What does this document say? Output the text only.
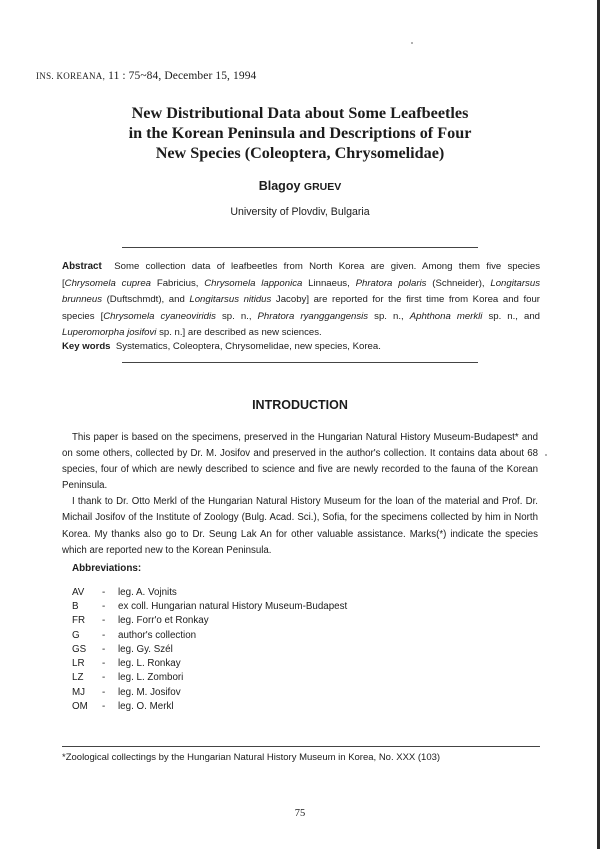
INS. KOREANA, 11 : 75~84, December 15, 1994
New Distributional Data about Some Leafbeetles
in the Korean Peninsula and Descriptions of Four
New Species (Coleoptera, Chrysomelidae)
Blagoy GRUEV
University of Plovdiv, Bulgaria
Abstract Some collection data of leafbeetles from North Korea are given. Among them five species [Chrysomela cuprea Fabricius, Chrysomela lapponica Linnaeus, Phratora polaris (Schneider), Longitarsus brunneus (Duftschmdt), and Longitarsus nitidus Jacoby] are reported for the first time from Korea and four species [Chrysomela cyaneoviridis sp. n., Phratora ryanggangensis sp. n., Aphthona merkli sp. n., and Luperomorpha josifovi sp. n.] are described as new sciences.
Key words Systematics, Coleoptera, Chrysomelidae, new species, Korea.
INTRODUCTION

This paper is based on the specimens, preserved in the Hungarian Natural History Museum-Budapest* and on some others, collected by Dr. M. Josifov and preserved in the author's collection. It contains data about 68 species, four of which are newly described to science and five are newly recorded to the fauna of the Korean Peninsula.

I thank to Dr. Otto Merkl of the Hungarian Natural History Museum for the loan of the material and Prof. Dr. Michail Josifov of the Institute of Zoology (Bulg. Acad. Sci.), Sofia, for the specimens collected by him in North Korea. My thanks also go to Dr. Seung Lak An for other valuable assistance. Marks(*) indicate the species which are reported new to the Korean Peninsula.

Abbreviations:
AV	-	leg. A. Vojnits
B	-	ex coll. Hungarian natural History Museum-Budapest
FR	-	leg. Forr'o et Ronkay
G	-	author's collection
GS	-	leg. Gy. Szél
LR	-	leg. L. Ronkay
LZ	-	leg. L. Zombori
MJ	-	leg. M. Josifov
OM	-	leg. O. Merkl
*Zoological collectings by the Hungarian Natural History Museum in Korea, No. XXX (103)
75
